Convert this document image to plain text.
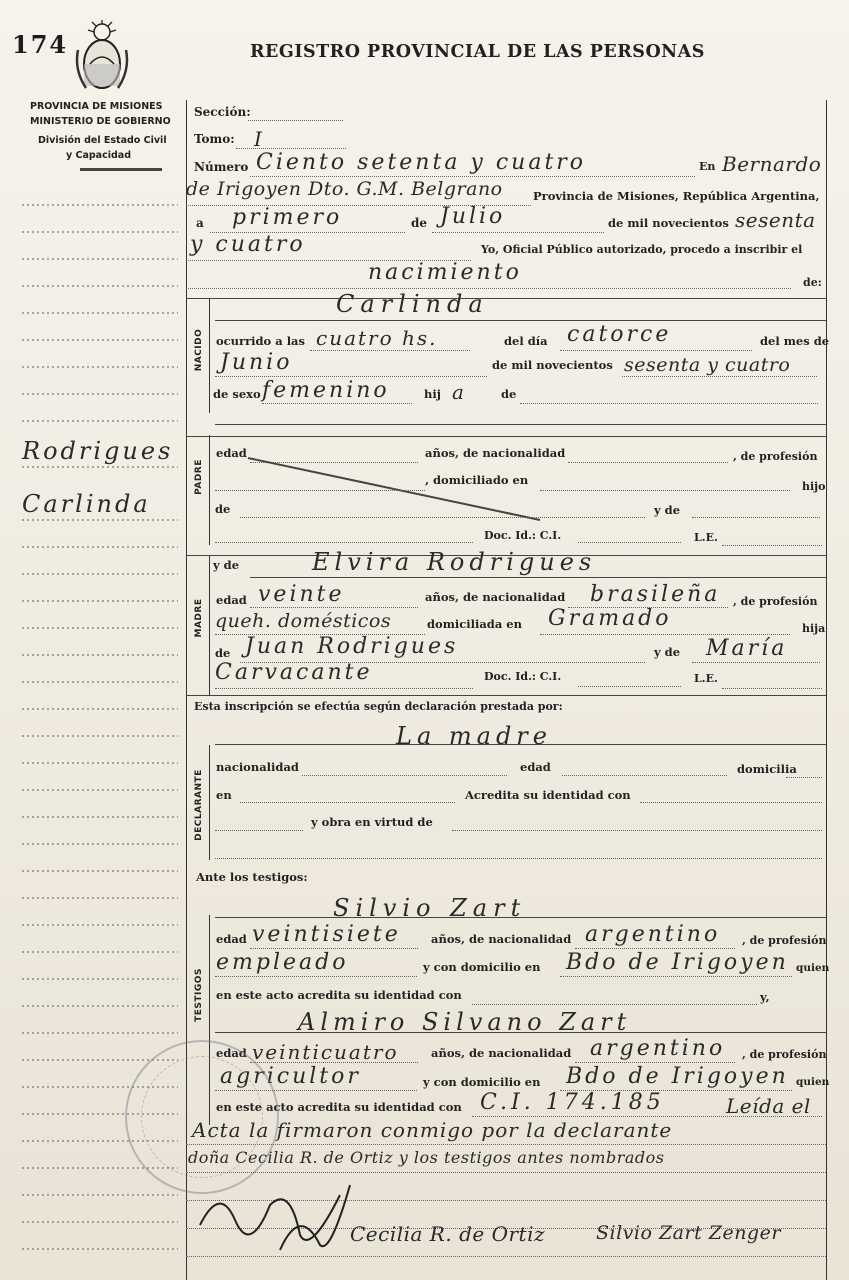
174	REGISTRO PROVINCIAL DE LAS PERSONAS
PROVINCIA DE MISIONES
MINISTERIO DE GOBIERNO
División del Estado Civil
y Capacidad
Rodrigues
Carlinda
NACIDO
PADRE
MADRE
DECLARANTE
TESTIGOS
Sección:
Tomo: I
Número Ciento setenta y cuatro	En Bernardo
de Irigoyen Dto. G.M. Belgrano	Provincia de Misiones, República Argentina,
a primero	de Julio	de mil novecientos sesenta
y cuatro	Yo, Oficial Público autorizado, procedo a inscribir el
nacimiento	de:
Carlinda
ocurrido a las cuatro hs.	del día catorce	del mes de
Junio	de mil novecientos sesenta y cuatro
de sexo femenino	hij a	de
edad	años, de nacionalidad	, de profesión
, domiciliado en	hijo
de	y de
Doc. Id.: C.I.	L.E.
y de	Elvira Rodrigues
edad veinte	años, de nacionalidad brasileña , de profesión
queh. domésticos	domiciliada en Gramado	hija
de Juan Rodrigues	y de María
Carvacante	Doc. Id.: C.I.	L.E.
Esta inscripción se efectúa según declaración prestada por:
La madre
nacionalidad	edad	domicilia
en	Acredita su identidad con
y obra en virtud de
Ante los testigos:
Silvio Zart
edad veintisiete	años, de nacionalidad argentino , de profesión
empleado	y con domicilio en Bdo de Irigoyen quien
en este acto acredita su identidad con	y,
Almiro Silvano Zart
edad veinticuatro	años, de nacionalidad argentino , de profesión
agricultor	y con domicilio en Bdo de Irigoyen quien
en este acto acredita su identidad con C.I. 174.185	Leída el
Acta la firmaron conmigo por la declarante
doña Cecilia R. de Ortiz y los testigos antes nombrados
Cecilia R. de Ortiz	Silvio Zart Zenger
